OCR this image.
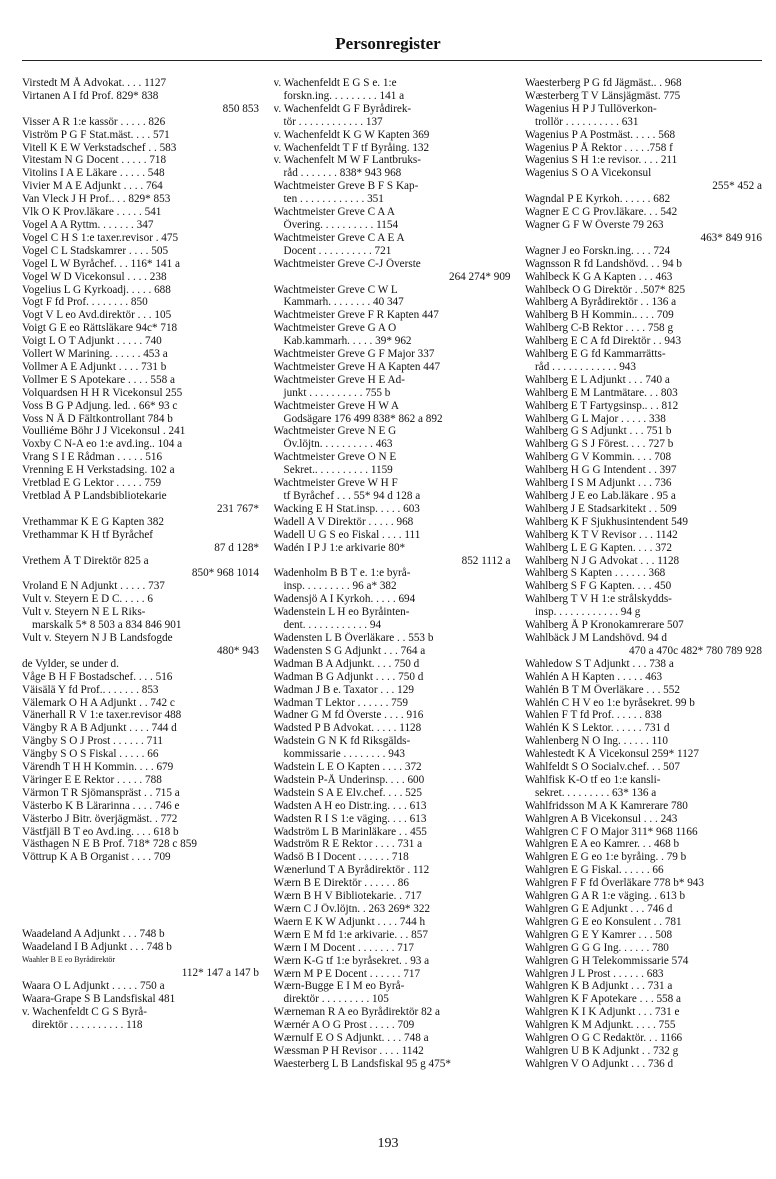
Personregister
Virstedt M Å Advokat. . . . 1127
Virtanen A I fd Prof. 829* 838
850 853
Visser A R 1:e kassör . . . . . 826
Viström P G F Stat.mäst. . . . 571
Vitell K E W Verkstadschef . . 583
Vitestam N G Docent . . . . . 718
Vitolins I A E Läkare . . . . . 548
Vivier M A E Adjunkt . . . . 764
Van Vleck J H Prof.. . . 829* 853
Vlk O K Prov.läkare . . . . . 541
Vogel A A Ryttm. . . . . . . 347
Vogel C H S 1:e taxer.revisor . 475
Vogel C L Stadskamrer . . . . 505
Vogel L W Byråchef. . . 116* 141 a
Vogel W D Vicekonsul . . . . 238
Vogelius L G Kyrkoadj. . . . . 688
Vogt F fd Prof. . . . . . . . 850
Vogt V L eo Avd.direktör . . . 105
Voigt G E eo Rättsläkare 94c* 718
Voigt L O T Adjunkt . . . . . 740
Vollert W Marining. . . . . . 453 a
Vollmer A E Adjunkt . . . . 731 b
Vollmer E S Apotekare . . . . 558 a
Volquardsen H H R Vicekonsul 255
Voss B G P Adjung. led. . 66* 93 c
Voss N Å D Fältkontrollant 784 b
Voulliéme Böhr J J Vicekonsul . 241
Voxby C N-A eo 1:e avd.ing.. 104 a
Vrang S I E Rådman . . . . . 516
Vrenning E H Verkstadsing. 102 a
Vretblad E G Lektor . . . . . 759
Vretblad Å P Landsbibliotekarie
231 767*
Vrethammar K E G Kapten 382
Vrethammar K H tf Byråchef
87 d 128*
Vrethem Å T Direktör 825 a
850* 968 1014
Vroland E N Adjunkt . . . . . 737
Vult v. Steyern E D C. . . . . 6
Vult v. Steyern N E L Riks-
marskalk 5* 8 503 a 834 846 901
Vult v. Steyern N J B Landsfogde
480* 943
de Vylder, se under d.
Våge B H F Bostadschef. . . . 516
Väisälä Y fd Prof.. . . . . . . 853
Välemark O H A Adjunkt . . 742 c
Vänerhall R V 1:e taxer.revisor 488
Vängby R A B Adjunkt . . . . 744 d
Vängby S O J Prost . . . . . . 711
Vängby S O S Fiskal . . . . . 66
Värendh T H H Kommin. . . . 679
Väringer E E Rektor . . . . . 788
Värmon T R Sjömanspräst . . 715 a
Västerbo K B Lärarinna . . . . 746 e
Västerbo J Bitr. överjägmäst. . 772
Västfjäll B T eo Avd.ing. . . . 618 b
Västhagen N E B Prof. 718* 728 c 859
Vöttrup K A B Organist . . . . 709
Waadeland A Adjunkt . . . 748 b
Waadeland I B Adjunkt . . . 748 b
Waahler B E eo Byrådirektör
112* 147 a 147 b
Waara O L Adjunkt . . . . . 750 a
Waara-Grape S B Landsfiskal 481
v. Wachenfeldt C G S Byrå-
direktör . . . . . . . . . . 118
v. Wachenfeldt E G S e. 1:e
forskn.ing. . . . . . . . . 141 a
v. Wachenfeldt G F Byrådirek-
tör . . . . . . . . . . . . 137
v. Wachenfeldt K G W Kapten 369
v. Wachenfeldt T F tf Byråing. 132
v. Wachenfelt M W F Lantbruks-
råd . . . . . . . 838* 943 968
Wachtmeister Greve B F S Kap-
ten . . . . . . . . . . . . 351
Wachtmeister Greve C A A
Övering. . . . . . . . . . 1154
Wachtmeister Greve C A E A
Docent . . . . . . . . . . 721
Wachtmeister Greve C-J Överste
264 274* 909
Wachtmeister Greve C W L
Kammarh. . . . . . . . 40 347
Wachtmeister Greve F R Kapten 447
Wachtmeister Greve G A O
Kab.kammarh. . . . . 39* 962
Wachtmeister Greve G F Major 337
Wachtmeister Greve H A Kapten 447
Wachtmeister Greve H E Ad-
junkt . . . . . . . . . . 755 b
Wachtmeister Greve H W A
Godsägare 176 499 838* 862 a 892
Wachtmeister Greve N E G
Öv.löjtn. . . . . . . . . . 463
Wachtmeister Greve O N E
Sekret.. . . . . . . . . . 1159
Wachtmeister Greve W H F
tf Byråchef . . . 55* 94 d 128 a
Wacking E H Stat.insp. . . . . 603
Wadell A V Direktör . . . . . 968
Wadell U G S eo Fiskal . . . . 111
Wadén I P J 1:e arkivarie 80*
852 1112 a
Wadenholm B B T e. 1:e byrå-
insp. . . . . . . . . 96 a* 382
Wadensjö A I Kyrkoh. . . . . 694
Wadenstein L H eo Byråinten-
dent. . . . . . . . . . . . 94
Wadensten L B Överläkare . . 553 b
Wadensten S G Adjunkt . . . 764 a
Wadman B A Adjunkt. . . . 750 d
Wadman B G Adjunkt . . . . 750 d
Wadman J B e. Taxator . . . 129
Wadman T Lektor . . . . . . 759
Wadner G M fd Överste . . . . 916
Wadsted P B Advokat. . . . . 1128
Wadstein G N K fd Riksgälds-
kommissarie . . . . . . . . 943
Wadstein L E O Kapten . . . . 372
Wadstein P-Å Underinsp. . . . 600
Wadstein S A E Elv.chef. . . . 525
Wadsten A H eo Distr.ing. . . . 613
Wadsten R I S 1:e väging. . . . 613
Wadström L B Marinläkare . . 455
Wadström R E Rektor . . . . 731 a
Wadsö B I Docent . . . . . . 718
Wænerlund T A Byrådirektör . 112
Wærn B E Direktör . . . . . . 86
Wærn B H V Bibliotekarie. . 717
Wærn C J Öv.löjtn. . 263 269* 322
Waern E K W Adjunkt . . . . 744 h
Wærn E M fd 1:e arkivarie. . . 857
Wærn I M Docent . . . . . . . 717
Wærn K-G tf 1:e byråsekret. . 93 a
Wærn M P E Docent . . . . . . 717
Wærn-Bugge E I M eo Byrå-
direktör . . . . . . . . . 105
Wærneman R A eo Byrådirektör 82 a
Wærnér A O G Prost . . . . . 709
Wærnulf E O S Adjunkt. . . . 748 a
Wæssman P H Revisor . . . . 1142
Waesterberg L B Landsfiskal 95 g 475*
Waesterberg P G fd Jägmäst.. . 968
Wæsterberg T V Länsjägmäst. 775
Wagenius H P J Tullöverkon-
trollör . . . . . . . . . . 631
Wagenius P A Postmäst. . . . . 568
Wagenius P Å Rektor . . . . .758 f
Wagenius S H 1:e revisor. . . . 211
Wagenius S O A Vicekonsul
255* 452 a
Wagndal P E Kyrkoh. . . . . . 682
Wagner E C G Prov.läkare. . . 542
Wagner G F W Överste 79 263
463* 849 916
Wagner J eo Forskn.ing. . . . 724
Wagnsson R fd Landshövd. . . 94 b
Wahlbeck K G A Kapten . . . 463
Wahlbeck O G Direktör . .507* 825
Wahlberg A Byrådirektör . . 136 a
Wahlberg B H Kommin.. . . . 709
Wahlberg C-B Rektor . . . . 758 g
Wahlberg E C A fd Direktör . . 943
Wahlberg E G fd Kammarrätts-
råd . . . . . . . . . . . . 943
Wahlberg E L Adjunkt . . . 740 a
Wahlberg E M Lantmätare. . . 803
Wahlberg E T Fartygsinsp.. . . 812
Wahlberg G L Major . . . . . 338
Wahlberg G S Adjunkt . . . 751 b
Wahlberg G S J Förest. . . . 727 b
Wahlberg G V Kommin. . . . 708
Wahlberg H G G Intendent . . 397
Wahlberg I S M Adjunkt . . . 736
Wahlberg J E eo Lab.läkare . 95 a
Wahlberg J E Stadsarkitekt . . 509
Wahlberg K F Sjukhusintendent 549
Wahlberg K T V Revisor . . . 1142
Wahlberg L E G Kapten. . . . 372
Wahlberg N J G Advokat . . . 1128
Wahlberg S Kapten . . . . . . 368
Wahlberg S F G Kapten. . . . 450
Wahlberg T V H 1:e strålskydds-
insp. . . . . . . . . . . . 94 g
Wahlberg Å P Kronokamrerare 507
Wahlbäck J M Landshövd. 94 d
470 a 470c 482* 780 789 928
Wahledow S T Adjunkt . . . 738 a
Wahlén A H Kapten . . . . . 463
Wahlén B T M Överläkare . . . 552
Wahlén C H V eo 1:e byråsekret. 99 b
Wahlen F T fd Prof. . . . . . 838
Wahlén K S Lektor. . . . . . 731 d
Wahlenberg N O Ing. . . . . . 110
Wahlestedt K Å Vicekonsul 259* 1127
Wahlfeldt S O Socialv.chef. . . 507
Wahlfisk K-O tf eo 1:e kansli-
sekret. . . . . . . . . 63* 136 a
Wahlfridsson M A K Kamrerare 780
Wahlgren A B Vicekonsul . . . 243
Wahlgren C F O Major 311* 968 1166
Wahlgren E A eo Kamrer. . . 468 b
Wahlgren E G eo 1:e byråing. . 79 b
Wahlgren E G Fiskal. . . . . . 66
Wahlgren F F fd Överläkare 778 b* 943
Wahlgren G A R 1:e väging. . 613 b
Wahlgren G E Adjunkt . . . 746 d
Wahlgren G E eo Konsulent . . 781
Wahlgren G E Y Kamrer . . . 508
Wahlgren G G G Ing. . . . . . 780
Wahlgren G H Telekommissarie 574
Wahlgren J L Prost . . . . . . 683
Wahlgren K B Adjunkt . . . 731 a
Wahlgren K F Apotekare . . . 558 a
Wahlgren K I K Adjunkt . . . 731 e
Wahlgren K M Adjunkt. . . . . 755
Wahlgren O G C Redaktör. . . 1166
Wahlgren U B K Adjunkt . . 732 g
Wahlgren V O Adjunkt . . . 736 d
193
